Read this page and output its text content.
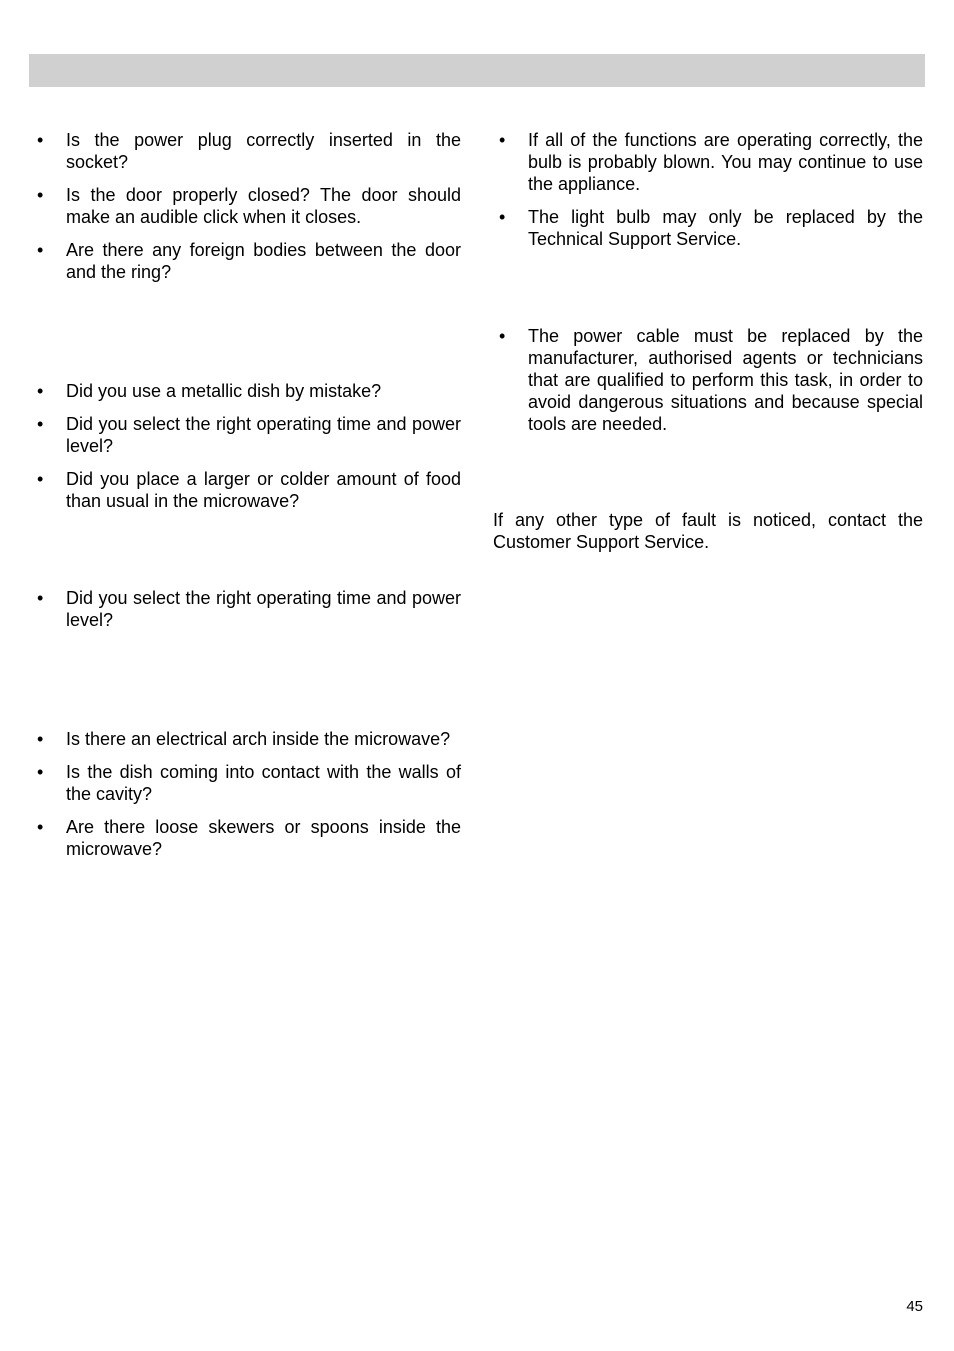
•	Is the power plug correctly inserted in the socket?
•	Is the door properly closed? The door should make an audible click when it closes.
•	Are there any foreign bodies between the door and the ring?
•	Did you use a metallic dish by mistake?
•	Did you select the right operating time and power level?
•	Did you place a larger or colder amount of food than usual in the microwave?
•	Did you select the right operating time and power level?
•	Is there an electrical arch inside the microwave?
•	Is the dish coming into contact with the walls of the cavity?
•	Are there loose skewers or spoons inside the microwave?
•	If all of the functions are operating correctly, the bulb is probably blown. You may continue to use the appliance.
•	The light bulb may only be replaced by the Technical Support Service.
•	The power cable must be replaced by the manufacturer, authorised agents or technicians that are qualified to perform this task, in order to avoid dangerous situations and because special tools are needed.

If any other type of fault is noticed, contact the Customer Support Service.

45
